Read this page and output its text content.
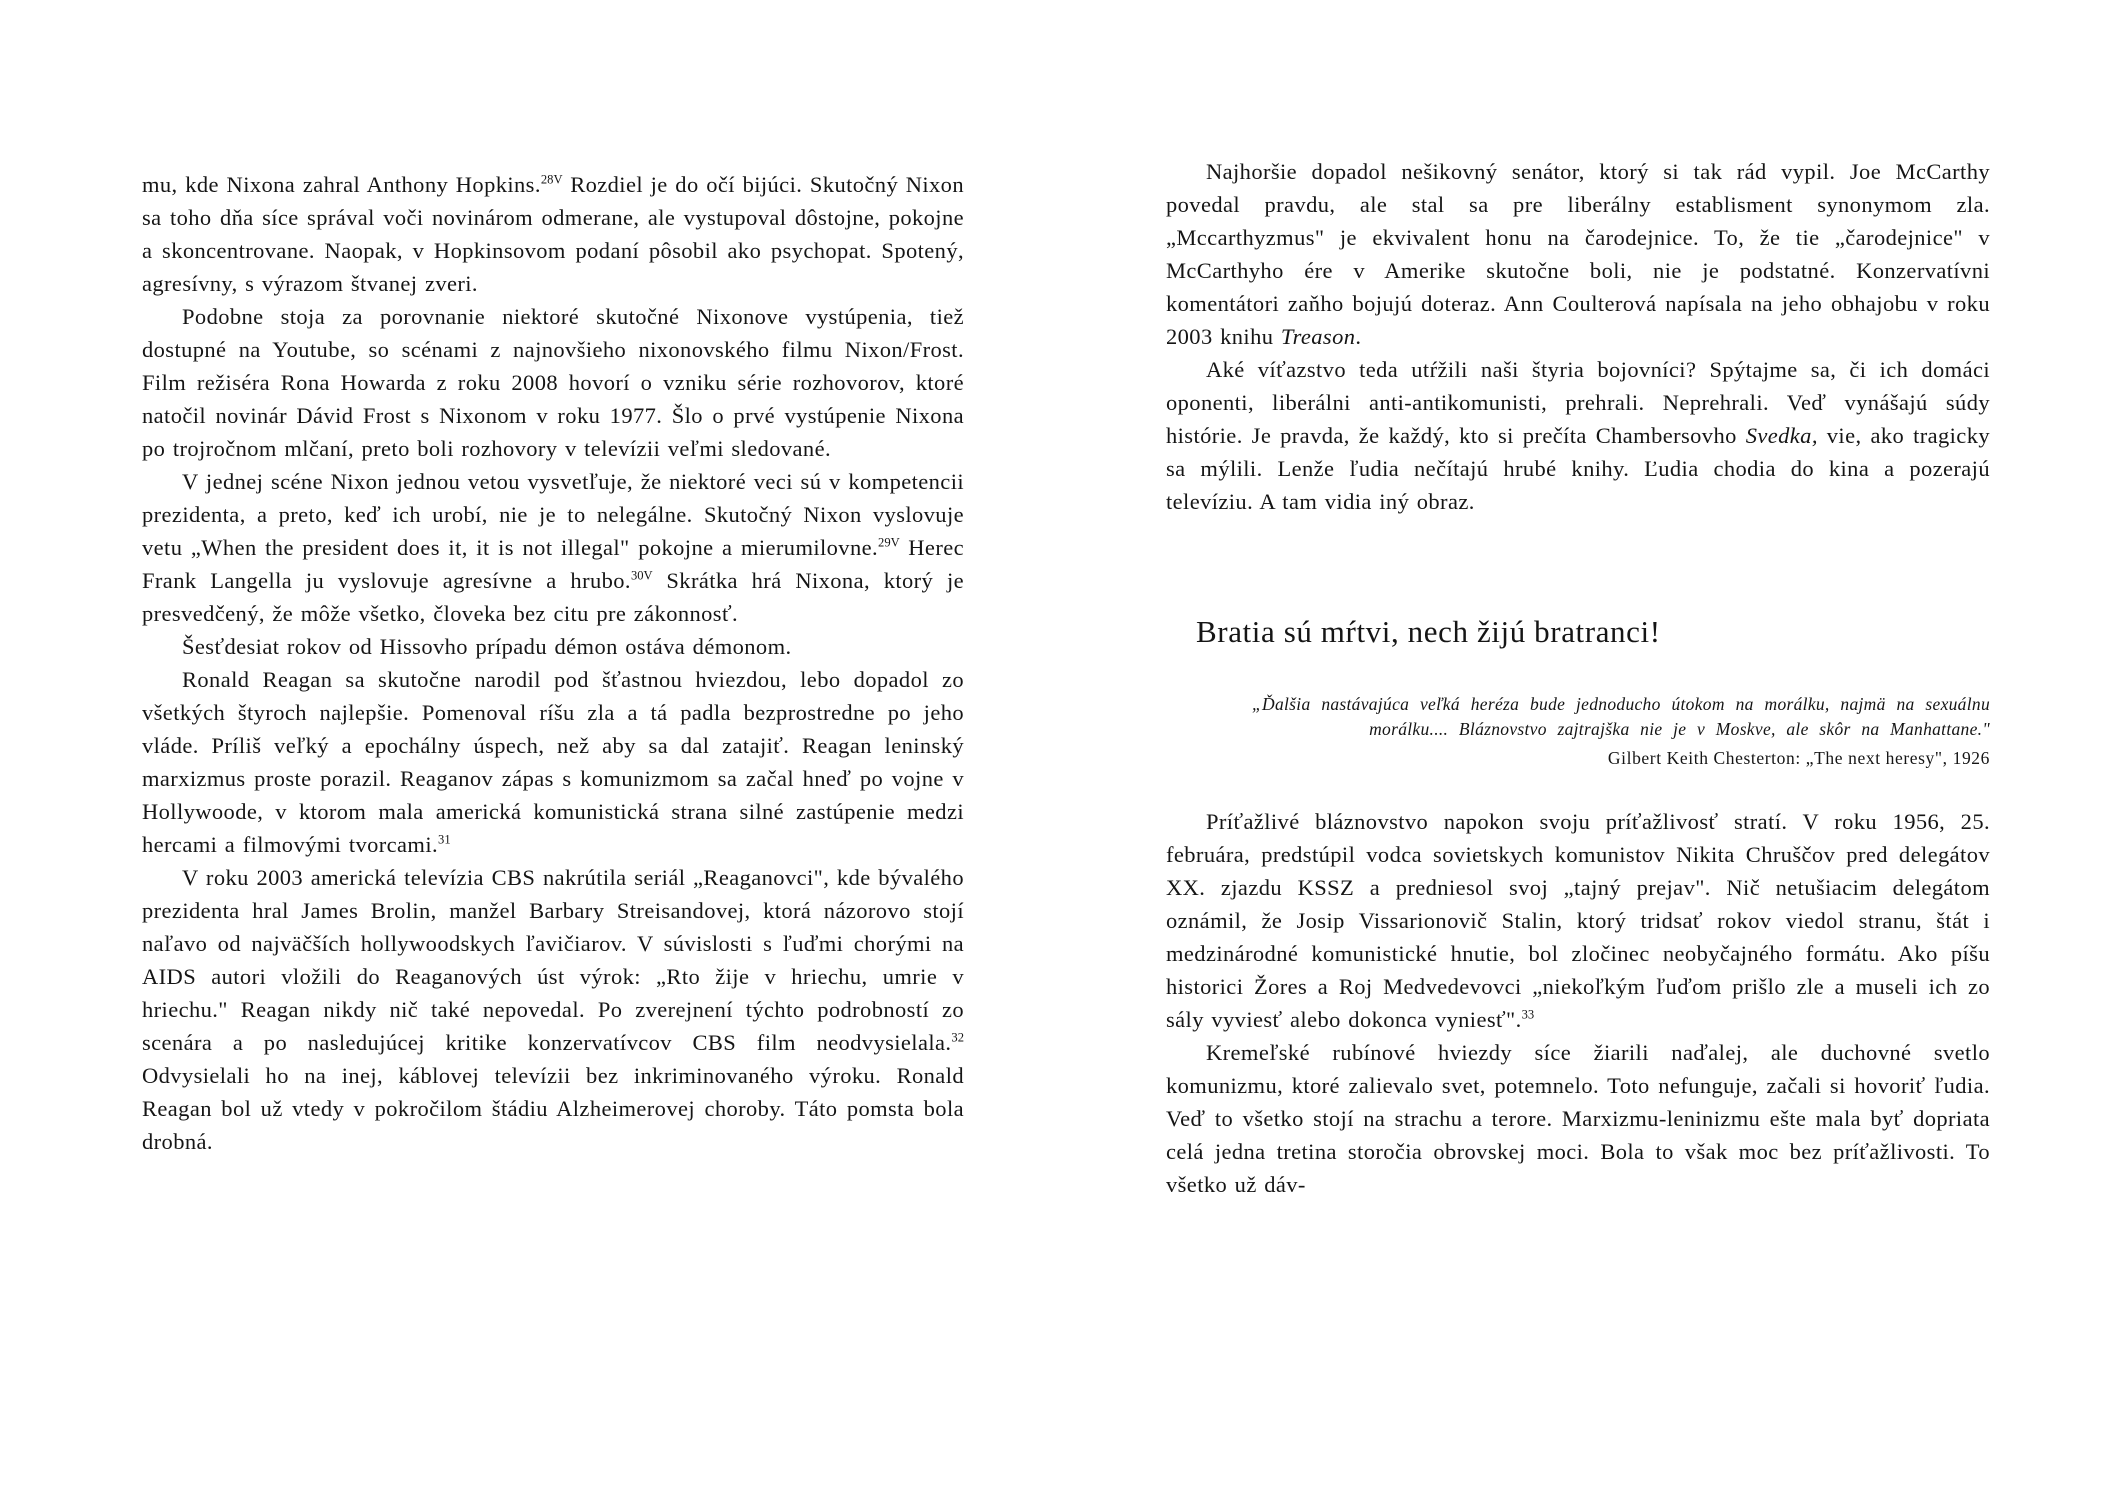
mu, kde Nixona zahral Anthony Hopkins.$^{28V}$ Rozdiel je do očí bijúci. Skutočný Nixon sa toho dňa síce správal voči novinárom odmerane, ale vystupoval dôstojne, pokojne a skoncentrovane. Naopak, v Hopkinsovom podaní pôsobil ako psychopat. Spotený, agresívny, s výrazom štvanej zveri.

Podobne stoja za porovnanie niektoré skutočné Nixonove vystúpenia, tiež dostupné na Youtube, so scénami z najnovšieho nixonovského filmu Nixon/Frost. Film režiséra Rona Howarda z roku 2008 hovorí o vzniku série rozhovorov, ktoré natočil novinár Dávid Frost s Nixonom v roku 1977. Šlo o prvé vystúpenie Nixona po trojročnom mlčaní, preto boli rozhovory v televízii veľmi sledované.

V jednej scéne Nixon jednou vetou vysvetľuje, že niektoré veci sú v kompetencii prezidenta, a preto, keď ich urobí, nie je to nelegálne. Skutočný Nixon vyslovuje vetu „When the president does it, it is not illegal" pokojne a mierumilovne.$^{29V}$ Herec Frank Langella ju vyslovuje agresívne a hrubo.$^{30V}$ Skrátka hrá Nixona, ktorý je presvedčený, že môže všetko, človeka bez citu pre zákonnosť.

Šesťdesiat rokov od Hissovho prípadu démon ostáva démonom.

Ronald Reagan sa skutočne narodil pod šťastnou hviezdou, lebo dopadol zo všetkých štyroch najlepšie. Pomenoval ríšu zla a tá padla bezprostredne po jeho vláde. Príliš veľký a epochálny úspech, než aby sa dal zatajiť. Reagan leninský marxizmus proste porazil. Reaganov zápas s komunizmom sa začal hneď po vojne v Hollywoode, v ktorom mala americká komunistická strana silné zastúpenie medzi hercami a filmovými tvorcami.$^{31}$

V roku 2003 americká televízia CBS nakrútila seriál „Reaganovci", kde bývalého prezidenta hral James Brolin, manžel Barbary Streisandovej, ktorá názorovo stojí naľavo od najväčších hollywoodskych ľavičiarov. V súvislosti s ľuďmi chorými na AIDS autori vložili do Reaganových úst výrok: „Rto žije v hriechu, umrie v hriechu." Reagan nikdy nič také nepovedal. Po zverejnení týchto podrobností zo scenára a po nasledujúcej kritike konzervatívcov CBS film neodvysielala.$^{32}$ Odvysielali ho na inej, káblovej televízii bez inkriminovaného výroku. Ronald Reagan bol už vtedy v pokročilom štádiu Alzheimerovej choroby. Táto pomsta bola drobná.

Najhoršie dopadol nešikovný senátor, ktorý si tak rád vypil. Joe McCarthy povedal pravdu, ale stal sa pre liberálny establisment synonymom zla. „Mccarthyzmus" je ekvivalent honu na čarodejnice. To, že tie „čarodejnice" v McCarthyho ére v Amerike skutočne boli, nie je podstatné. Konzervatívni komentátori zaňho bojujú doteraz. Ann Coulterová napísala na jeho obhajobu v roku 2003 knihu Treason.

Aké víťazstvo teda utŕžili naši štyria bojovníci? Spýtajme sa, či ich domáci oponenti, liberálni anti-antikomunisti, prehrali. Neprehrali. Veď vynášajú súdy histórie. Je pravda, že každý, kto si prečíta Chambersovho Svedka, vie, ako tragicky sa mýlili. Lenže ľudia nečítajú hrubé knihy. Ľudia chodia do kina a pozerajú televíziu. A tam vidia iný obraz.

Bratia sú mŕtvi, nech žijú bratranci!

„Ďalšia nastávajúca veľká heréza bude jednoducho útokom na morálku, najmä na sexuálnu morálku.... Bláznovstvo zajtrajška nie je v Moskve, ale skôr na Manhattane."

Gilbert Keith Chesterton: „The next heresy", 1926

Príťažlivé bláznovstvo napokon svoju príťažlivosť stratí. V roku 1956, 25. februára, predstúpil vodca sovietskych komunistov Nikita Chruščov pred delegátov XX. zjazdu KSSZ a predniesol svoj „tajný prejav". Nič netušiacim delegátom oznámil, že Josip Vissarionovič Stalin, ktorý tridsať rokov viedol stranu, štát i medzinárodné komunistické hnutie, bol zločinec neobyčajného formátu. Ako píšu historici Žores a Roj Medvedevovci „niekoľkým ľuďom prišlo zle a museli ich zo sály vyviesť alebo dokonca vyniesť".$^{33}$

Kremeľské rubínové hviezdy síce žiarili naďalej, ale duchovné svetlo komunizmu, ktoré zalievalo svet, potemnelo. Toto nefunguje, začali si hovoriť ľudia. Veď to všetko stojí na strachu a terore. Marxizmu-leninizmu ešte mala byť dopriata celá jedna tretina storočia obrovskej moci. Bola to však moc bez príťažlivosti. To všetko už dáv-
